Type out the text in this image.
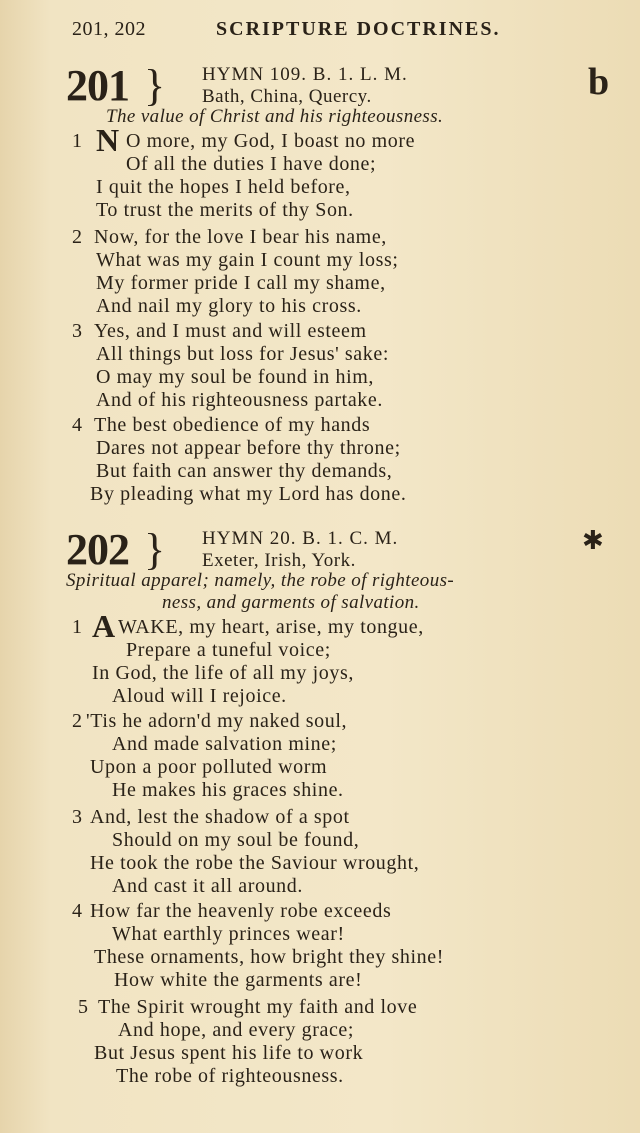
201, 202	SCRIPTURE DOCTRINES.
b
201 } HYMN 109. B. 1. L. M.
Bath, China, Quercy.
The value of Christ and his righteousness.
1 N O more, my God, I boast no more
Of all the duties I have done;
I quit the hopes I held before,
To trust the merits of thy Son.
2 Now, for the love I bear his name,
What was my gain I count my loss;
My former pride I call my shame,
And nail my glory to his cross.
3 Yes, and I must and will esteem
All things but loss for Jesus' sake:
O may my soul be found in him,
And of his righteousness partake.
4 The best obedience of my hands
Dares not appear before thy throne;
But faith can answer thy demands,
By pleading what my Lord has done.
202 } HYMN 20. B. 1. C. M.
Exeter, Irish, York.
✱
Spiritual apparel; namely, the robe of righteous-
ness, and garments of salvation.
1 A WAKE, my heart, arise, my tongue,
Prepare a tuneful voice;
In God, the life of all my joys,
Aloud will I rejoice.
2 'Tis he adorn'd my naked soul,
And made salvation mine;
Upon a poor polluted worm
He makes his graces shine.
3 And, lest the shadow of a spot
Should on my soul be found,
He took the robe the Saviour wrought,
And cast it all around.
4 How far the heavenly robe exceeds
What earthly princes wear!
These ornaments, how bright they shine!
How white the garments are!
5 The Spirit wrought my faith and love
And hope, and every grace;
But Jesus spent his life to work
The robe of righteousness.
